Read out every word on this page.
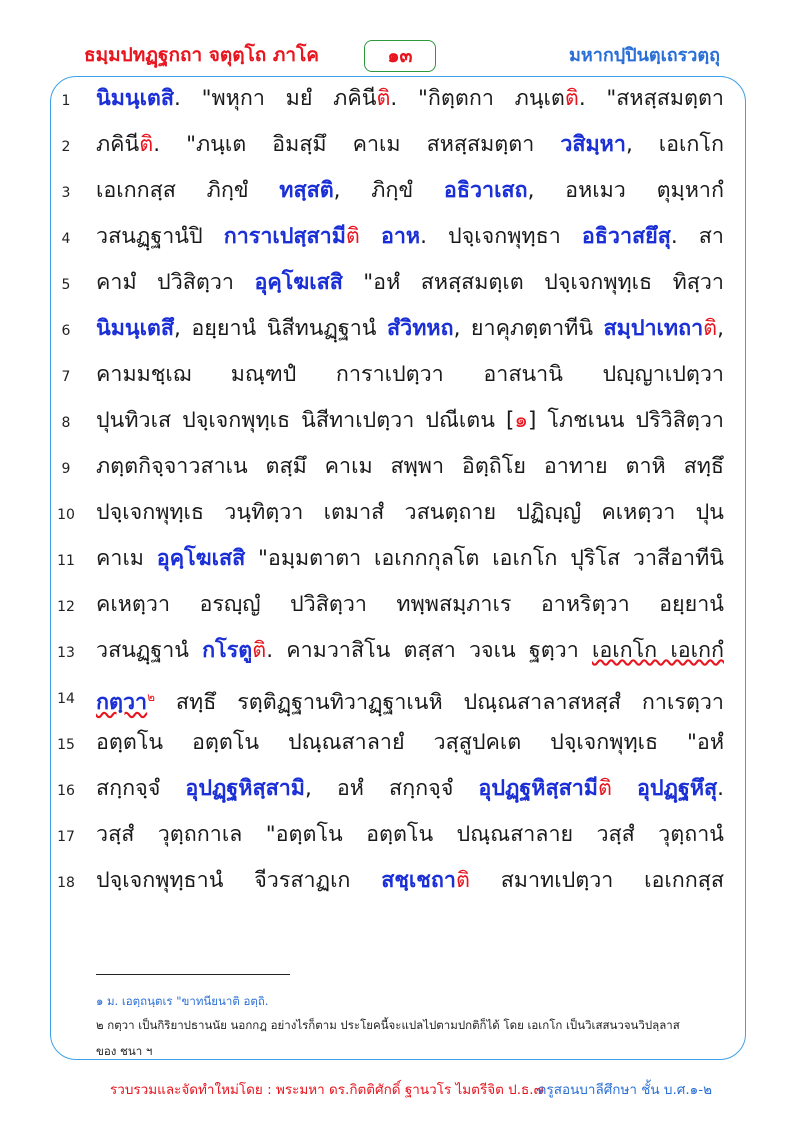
ธมฺมปทฏฺฐกถา จตุตฺโถ ภาโค	๑๓	มหากปฺปินตฺเถรวตฺถุ
1	นิมนฺเตสิ. "พหุกา มยํ ภคินีติ. "กิตฺตกา ภนฺเตติ. "สหสฺสมตฺตา
2	ภคินีติ. "ภนฺเต อิมสฺมึ คาเม สหสฺสมตฺตา วสิมฺหา, เอเกโก
3	เอเกกสฺส ภิกฺขํ ทสฺสติ, ภิกฺขํ อธิวาเสถ, อหเมว ตุมฺหากํ
4	วสนฏฺฐานํปิ การาเปสฺสามีติ อาห. ปจฺเจกพุทฺธา อธิวาสยึสุ. สา
5	คามํ ปวิสิตฺวา อุคฺโฆเสสิ "อหํ สหสฺสมตฺเต ปจฺเจกพุทฺเธ ทิสฺวา
6	นิมนฺเตสึ, อยฺยานํ นิสีทนฏฺฐานํ สํวิทหถ, ยาคุภตฺตาทีนิ สมฺปาเทถาติ,
7	คามมชฺเฌ มณฺฑปํ การาเปตฺวา อาสนานิ ปญฺญาเปตฺวา
8	ปุนทิวเส ปจฺเจกพุทฺเธ นิสีทาเปตฺวา ปณีเตน [๑] โภชเนน ปริวิสิตฺวา
9	ภตฺตกิจฺจาวสาเน ตสฺมึ คาเม สพฺพา อิตฺถิโย อาทาย ตาหิ สทฺธึ
10 ปจฺเจกพุทฺเธ วนฺทิตฺวา เตมาสํ วสนตฺถาย ปฏิญฺญํ คเหตฺวา ปุน
11 คาเม อุคฺโฆเสสิ "อมฺมตาตา เอเกกกุลโต เอเกโก ปุริโส วาสีอาทีนิ
12 คเหตฺวา อรญฺญํ ปวิสิตฺวา ทพฺพสมฺภาเร อาหริตฺวา อยฺยานํ
13 วสนฏฺฐานํ กโรตูติ. คามวาสิโน ตสฺสา วจเน ฐตฺวา เอเกโก เอเกกํ
14 กตฺวา$^๒$ สทฺธึ รตฺติฏฺฐานทิวาฏฺฐาเนหิ ปณฺณสาลาสหสฺสํ กาเรตฺวา
15 อตฺตโน อตฺตโน ปณฺณสาลายํ วสฺสูปคเต ปจฺเจกพุทฺเธ "อหํ
16 สกฺกจฺจํ อุปฏฺฐหิสฺสามิ, อหํ สกฺกจฺจํ อุปฏฺฐหิสฺสามีติ อุปฏฺฐหึสุ.
17 วสฺสํ วุตฺถกาเล "อตฺตโน อตฺตโน ปณฺณสาลาย วสฺสํ วุตฺถานํ
18 ปจฺเจกพุทฺธานํ จีวรสาฏเก สชฺเชถาติ สมาทเปตฺวา เอเกกสฺส
๑ ม. เอตฺถนฺตเร "ขาทนียนาติ อตฺถิ.
๒ กตฺวา เป็นกิริยาปธานนัย นอกกฎ อย่างไรก็ตาม ประโยคนี้จะแปลไปตามปกติก็ได้ โดย เอเกโก เป็นวิเสสนวจนวิปลฺลาส
ของ ชนา ฯ
รวบรวมและจัดทำใหม่โดย : พระมหา ดร.กิตติศักดิ์ ฐานวโร ไมตรีจิต ป.ธ.๗
ครูสอนบาลีศึกษา ชั้น บ.ศ.๑-๒
